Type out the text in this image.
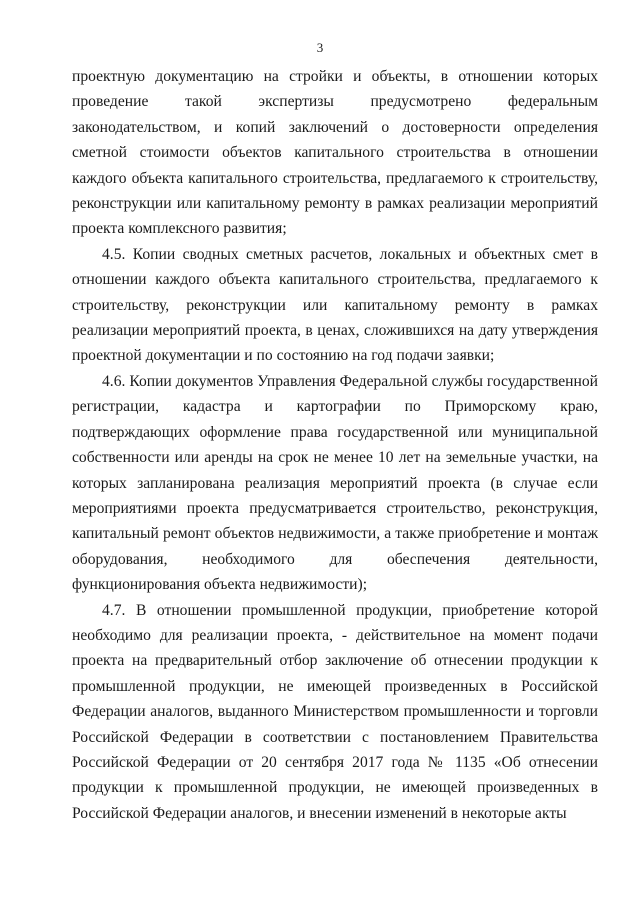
3

проектную документацию на стройки и объекты, в отношении которых проведение такой экспертизы предусмотрено федеральным законодательством, и копий заключений о достоверности определения сметной стоимости объектов капитального строительства в отношении каждого объекта капитального строительства, предлагаемого к строительству, реконструкции или капитальному ремонту в рамках реализации мероприятий проекта комплексного развития;

4.5. Копии сводных сметных расчетов, локальных и объектных смет в отношении каждого объекта капитального строительства, предлагаемого к строительству, реконструкции или капитальному ремонту в рамках реализации мероприятий проекта, в ценах, сложившихся на дату утверждения проектной документации и по состоянию на год подачи заявки;

4.6. Копии документов Управления Федеральной службы государственной регистрации, кадастра и картографии по Приморскому краю, подтверждающих оформление права государственной или муниципальной собственности или аренды на срок не менее 10 лет на земельные участки, на которых запланирована реализация мероприятий проекта (в случае если мероприятиями проекта предусматривается строительство, реконструкция, капитальный ремонт объектов недвижимости, а также приобретение и монтаж оборудования, необходимого для обеспечения деятельности, функционирования объекта недвижимости);

4.7. В отношении промышленной продукции, приобретение которой необходимо для реализации проекта, - действительное на момент подачи проекта на предварительный отбор заключение об отнесении продукции к промышленной продукции, не имеющей произведенных в Российской Федерации аналогов, выданного Министерством промышленности и торговли Российской Федерации в соответствии с постановлением Правительства Российской Федерации от 20 сентября 2017 года № 1135 «Об отнесении продукции к промышленной продукции, не имеющей произведенных в Российской Федерации аналогов, и внесении изменений в некоторые акты
